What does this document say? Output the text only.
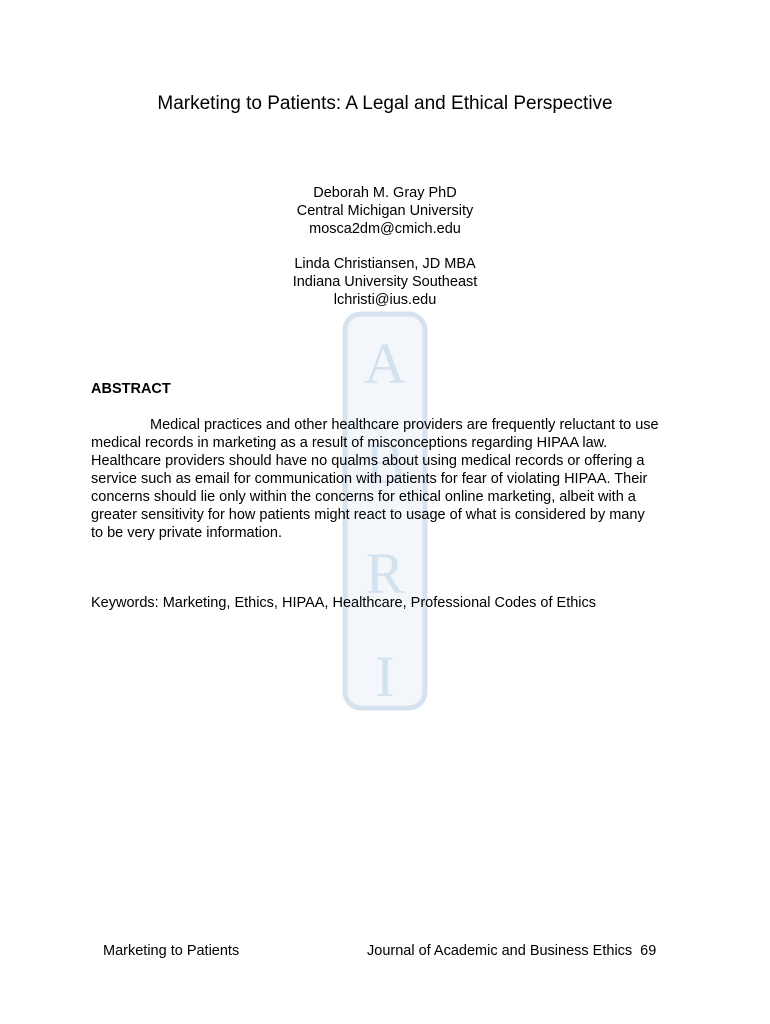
A
B
R
I
Marketing to Patients: A Legal and Ethical Perspective
Deborah M. Gray PhD
Central Michigan University
mosca2dm@cmich.edu
Linda Christiansen, JD MBA
Indiana University Southeast
lchristi@ius.edu
ABSTRACT
Medical practices and other healthcare providers are frequently reluctant to use
medical records in marketing as a result of misconceptions regarding HIPAA law.
Healthcare providers should have no qualms about using medical records or offering a
service such as email for communication with patients for fear of violating HIPAA. Their
concerns should lie only within the concerns for ethical online marketing, albeit with a
greater sensitivity for how patients might react to usage of what is considered by many
to be very private information.
Keywords: Marketing, Ethics, HIPAA, Healthcare, Professional Codes of Ethics
Marketing to Patients	Journal of Academic and Business Ethics 69
